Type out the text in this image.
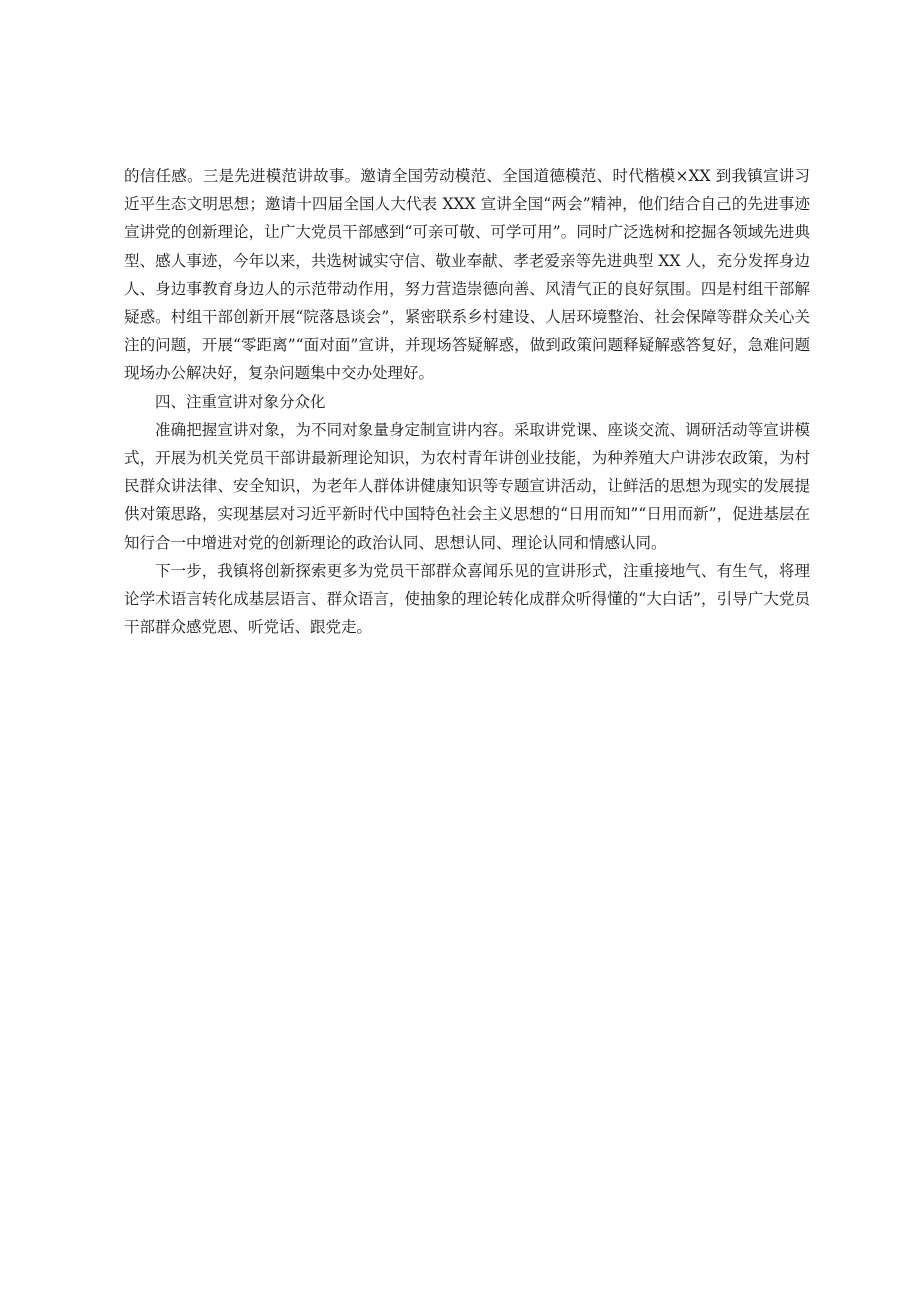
的信任感。三是先进模范讲故事。邀请全国劳动模范、全国道德模范、时代楷模×XX 到我镇宣讲习近平生态文明思想；邀请十四届全国人大代表 XXX 宣讲全国“两会”精神，他们结合自己的先进事迹宣讲党的创新理论，让广大党员干部感到“可亲可敬、可学可用”。同时广泛选树和挖掘各领域先进典型、感人事迹，今年以来，共选树诚实守信、敬业奉献、孝老爱亲等先进典型 XX 人，充分发挥身边人、身边事教育身边人的示范带动作用，努力营造崇德向善、风清气正的良好氛围。四是村组干部解疑惑。村组干部创新开展“院落恳谈会”，紧密联系乡村建设、人居环境整治、社会保障等群众关心关注的问题，开展“零距离”“面对面”宣讲，并现场答疑解惑，做到政策问题释疑解惑答复好，急难问题现场办公解决好，复杂问题集中交办处理好。

四、注重宣讲对象分众化

准确把握宣讲对象，为不同对象量身定制宣讲内容。采取讲党课、座谈交流、调研活动等宣讲模式，开展为机关党员干部讲最新理论知识，为农村青年讲创业技能，为种养殖大户讲涉农政策，为村民群众讲法律、安全知识，为老年人群体讲健康知识等专题宣讲活动，让鲜活的思想为现实的发展提供对策思路，实现基层对习近平新时代中国特色社会主义思想的“日用而知”“日用而新”，促进基层在知行合一中增进对党的创新理论的政治认同、思想认同、理论认同和情感认同。

下一步，我镇将创新探索更多为党员干部群众喜闻乐见的宣讲形式，注重接地气、有生气，将理论学术语言转化成基层语言、群众语言，使抽象的理论转化成群众听得懂的“大白话”，引导广大党员干部群众感党恩、听党话、跟党走。
